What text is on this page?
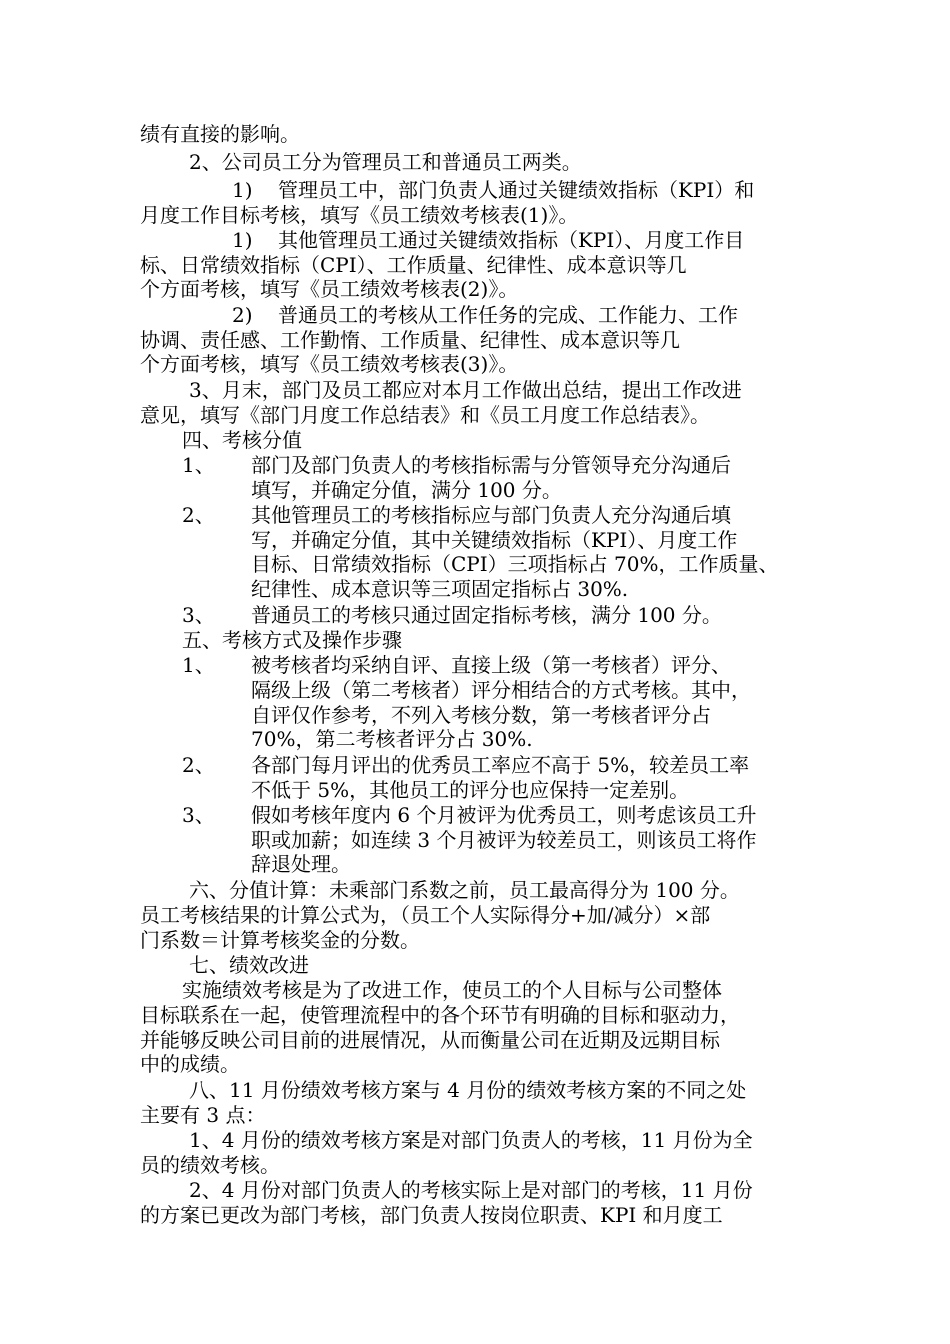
绩有直接的影响。
2、公司员工分为管理员工和普通员工两类。
1)    管理员工中，部门负责人通过关键绩效指标（KPI）和
月度工作目标考核，填写《员工绩效考核表(1)》。
1)    其他管理员工通过关键绩效指标（KPI）、月度工作目
标、日常绩效指标（CPI）、工作质量、纪律性、成本意识等几
个方面考核，填写《员工绩效考核表(2)》。
2)    普通员工的考核从工作任务的完成、工作能力、工作
协调、责任感、工作勤惰、工作质量、纪律性、成本意识等几
个方面考核，填写《员工绩效考核表(3)》。
3、月末，部门及员工都应对本月工作做出总结，提出工作改进
意见，填写《部门月度工作总结表》和《员工月度工作总结表》。
四、考核分值
1、 部门及部门负责人的考核指标需与分管领导充分沟通后
填写，并确定分值，满分 100 分。
2、 其他管理员工的考核指标应与部门负责人充分沟通后填
写，并确定分值，其中关键绩效指标（KPI）、月度工作
目标、日常绩效指标（CPI）三项指标占 70%，工作质量、
纪律性、成本意识等三项固定指标占 30%.
3、 普通员工的考核只通过固定指标考核，满分 100 分。
五、考核方式及操作步骤
1、 被考核者均采纳自评、直接上级（第一考核者）评分、
隔级上级（第二考核者）评分相结合的方式考核。其中，
自评仅作参考，不列入考核分数，第一考核者评分占
70%，第二考核者评分占 30%.
2、 各部门每月评出的优秀员工率应不高于 5%，较差员工率
不低于 5%，其他员工的评分也应保持一定差别。
3、 假如考核年度内 6 个月被评为优秀员工，则考虑该员工升
职或加薪；如连续 3 个月被评为较差员工，则该员工将作
辞退处理。
六、分值计算：未乘部门系数之前，员工最高得分为 100 分。
员工考核结果的计算公式为，（员工个人实际得分+加/减分）×部
门系数＝计算考核奖金的分数。
七、绩效改进
实施绩效考核是为了改进工作，使员工的个人目标与公司整体
目标联系在一起，使管理流程中的各个环节有明确的目标和驱动力，
并能够反映公司目前的进展情况，从而衡量公司在近期及远期目标
中的成绩。
八、11 月份绩效考核方案与 4 月份的绩效考核方案的不同之处
主要有 3 点：
1、4 月份的绩效考核方案是对部门负责人的考核，11 月份为全
员的绩效考核。
2、4 月份对部门负责人的考核实际上是对部门的考核，11 月份
的方案已更改为部门考核，部门负责人按岗位职责、KPI 和月度工
